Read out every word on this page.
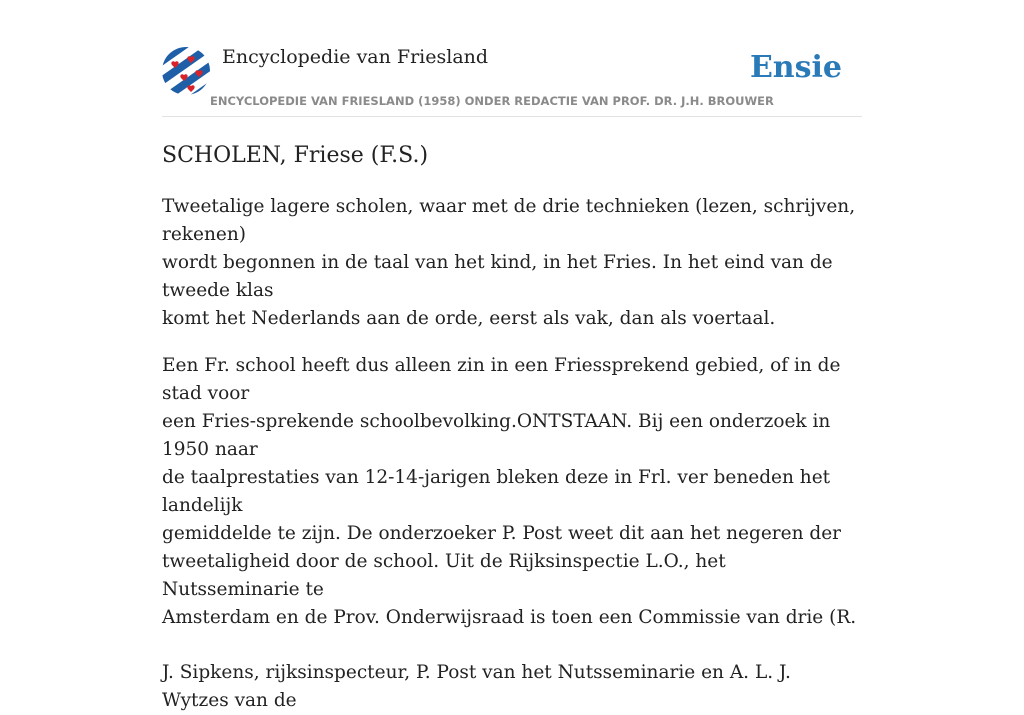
Encyclopedie van Friesland	Ensie
ENCYCLOPEDIE VAN FRIESLAND (1958) ONDER REDACTIE VAN PROF. DR. J.H. BROUWER
SCHOLEN, Friese (F.S.)

Tweetalige lagere scholen, waar met de drie technieken (lezen, schrijven, rekenen)
wordt begonnen in de taal van het kind, in het Fries. In het eind van de tweede klas
komt het Nederlands aan de orde, eerst als vak, dan als voertaal.

Een Fr. school heeft dus alleen zin in een Friessprekend gebied, of in de stad voor
een Fries-sprekende schoolbevolking.ONTSTAAN. Bij een onderzoek in 1950 naar
de taalprestaties van 12-14-jarigen bleken deze in Frl. ver beneden het landelijk
gemiddelde te zijn. De onderzoeker P. Post weet dit aan het negeren der
tweetaligheid door de school. Uit de Rijksinspectie L.O., het Nutsseminarie te
Amsterdam en de Prov. Onderwijsraad is toen een Commissie van drie (R.

J. Sipkens, rijksinspecteur, P. Post van het Nutsseminarie en A. L. J. Wytzes van de
